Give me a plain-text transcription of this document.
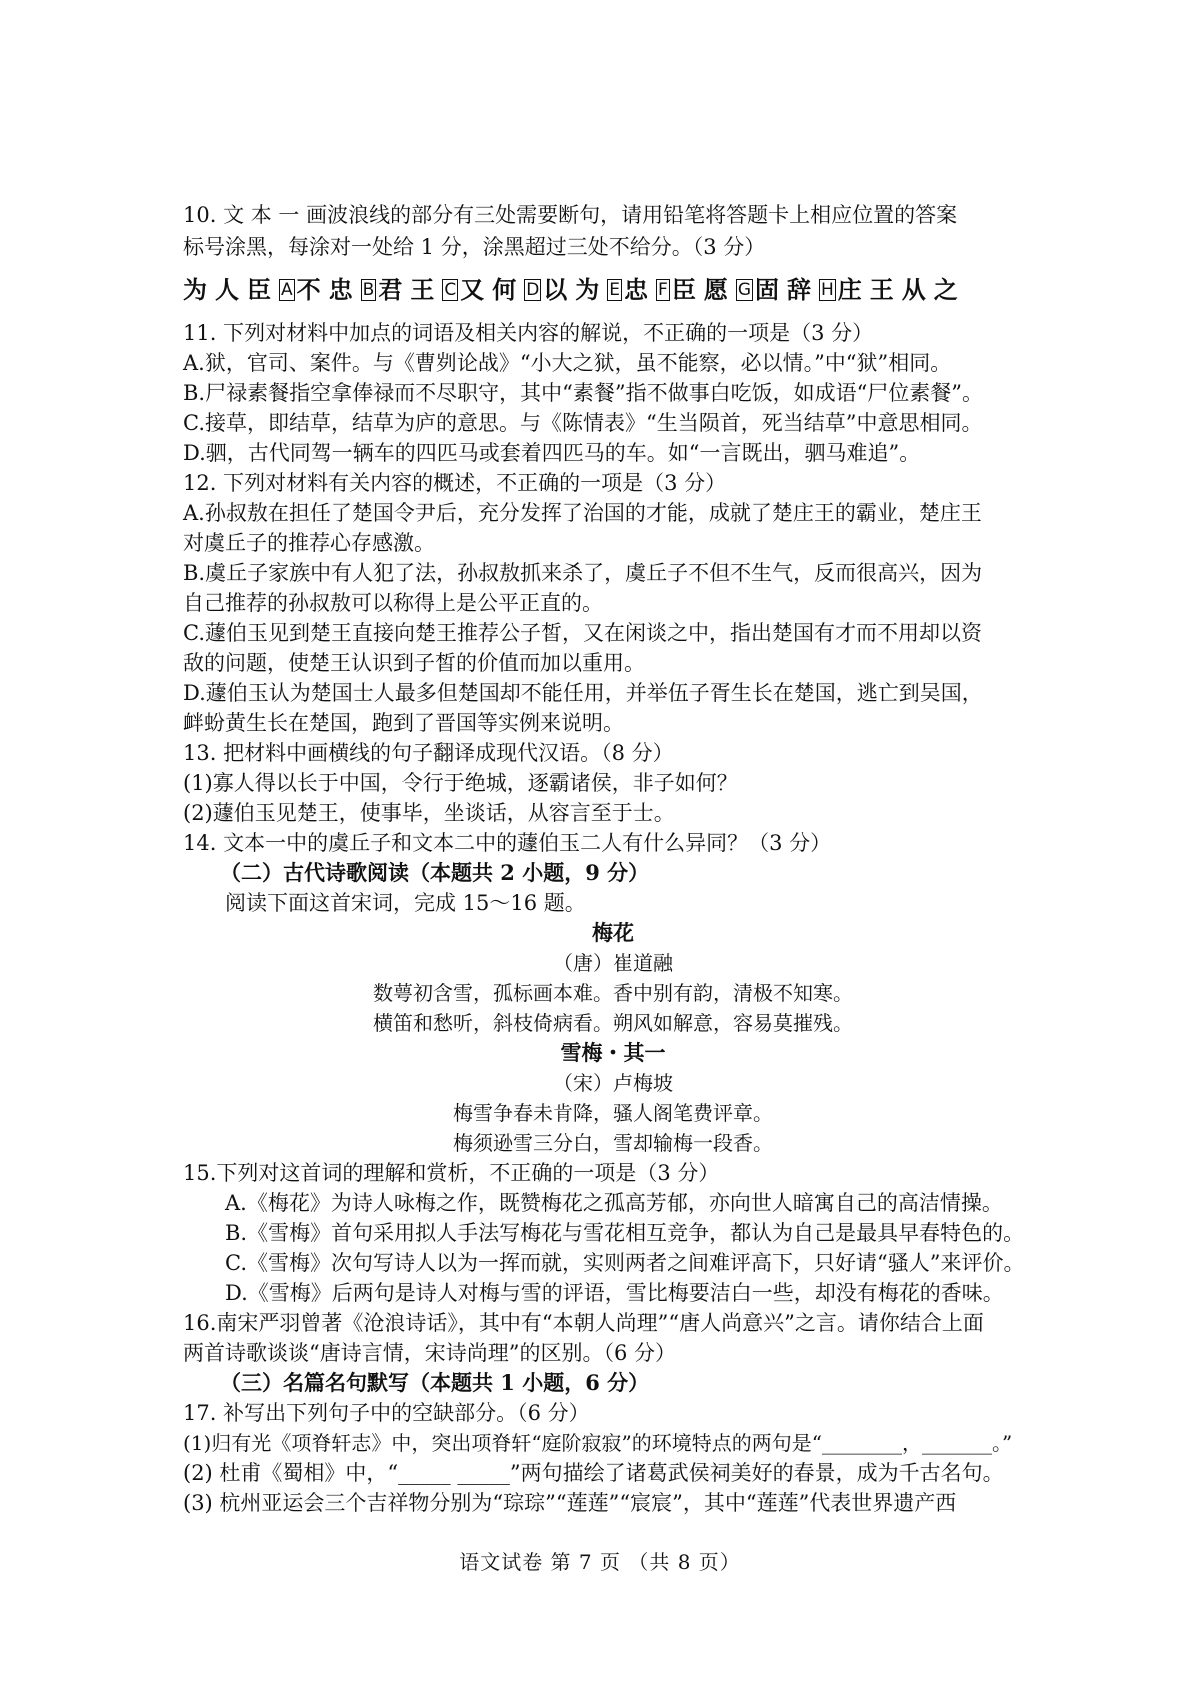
10. 文 本 一 画波浪线的部分有三处需要断句，请用铅笔将答题卡上相应位置的答案
标号涂黑，每涂对一处给 1 分，涂黑超过三处不给分。（3 分）
为 人 臣 A 不 忠 B 君 王 C 又 何 D 以 为 E 忠 F 臣 愿 G 固 辞 H 庄 王 从 之
11. 下列对材料中加点的词语及相关内容的解说，不正确的一项是（3 分）
A.狱，官司、案件。与《曹刿论战》“小大之狱，虽不能察，必以情。”中“狱”相同。
B.尸禄素餐指空拿俸禄而不尽职守，其中“素餐”指不做事白吃饭，如成语“尸位素餐”。
C.接草，即结草，结草为庐的意思。与《陈情表》“生当陨首，死当结草”中意思相同。
D.驷，古代同驾一辆车的四匹马或套着四匹马的车。如“一言既出，驷马难追”。
12. 下列对材料有关内容的概述，不正确的一项是（3 分）
A.孙叔敖在担任了楚国令尹后，充分发挥了治国的才能，成就了楚庄王的霸业，楚庄王
对虞丘子的推荐心存感激。
B.虞丘子家族中有人犯了法，孙叔敖抓来杀了，虞丘子不但不生气，反而很高兴，因为
自己推荐的孙叔敖可以称得上是公平正直的。
C.蘧伯玉见到楚王直接向楚王推荐公子皙，又在闲谈之中，指出楚国有才而不用却以资
敌的问题，使楚王认识到子皙的价值而加以重用。
D.蘧伯玉认为楚国士人最多但楚国却不能任用，并举伍子胥生长在楚国，逃亡到吴国，
衅蚡黄生长在楚国，跑到了晋国等实例来说明。
13. 把材料中画横线的句子翻译成现代汉语。（8 分）
(1)寡人得以长于中国，令行于绝城，逐霸诸侯，非子如何？
(2)蘧伯玉见楚王，使事毕，坐谈话，从容言至于士。
14. 文本一中的虞丘子和文本二中的蘧伯玉二人有什么异同？（3 分）
（二）古代诗歌阅读（本题共 2 小题，9 分）
阅读下面这首宋词，完成 15～16 题。
梅花
（唐）崔道融
数萼初含雪，孤标画本难。香中别有韵，清极不知寒。
横笛和愁听，斜枝倚病看。朔风如解意，容易莫摧残。
雪梅・其一
（宋）卢梅坡
梅雪争春未肯降，骚人阁笔费评章。
梅须逊雪三分白，雪却输梅一段香。
15.下列对这首词的理解和赏析，不正确的一项是（3 分）
A.《梅花》为诗人咏梅之作，既赞梅花之孤高芳郁，亦向世人暗寓自己的高洁情操。
B.《雪梅》首句采用拟人手法写梅花与雪花相互竞争，都认为自己是最具早春特色的。
C.《雪梅》次句写诗人以为一挥而就，实则两者之间难评高下，只好请“骚人”来评价。
D.《雪梅》后两句是诗人对梅与雪的评语，雪比梅要洁白一些，却没有梅花的香味。
16.南宋严羽曾著《沧浪诗话》，其中有“本朝人尚理”“唐人尚意兴”之言。请你结合上面
两首诗歌谈谈“唐诗言情，宋诗尚理”的区别。（6 分）
（三）名篇名句默写（本题共 1 小题，6 分）
17. 补写出下列句子中的空缺部分。（6 分）
(1)归有光《项脊轩志》中，突出项脊轩“庭阶寂寂”的环境特点的两句是“________，_______。”
(2) 杜甫《蜀相》中，“_____ _____”两句描绘了诸葛武侯祠美好的春景，成为千古名句。
(3) 杭州亚运会三个吉祥物分别为“琮琮”“莲莲”“宸宸”，其中“莲莲”代表世界遗产西
语文试卷 第 7 页 （共 8 页）
